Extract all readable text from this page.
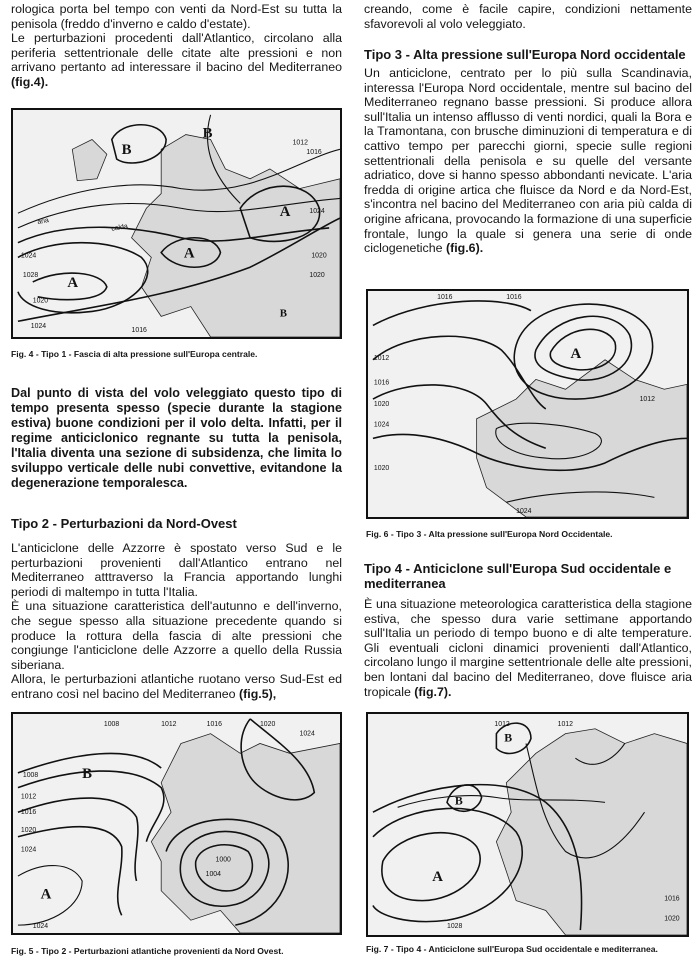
rologica porta bel tempo con venti da Nord-Est su tutta la penisola (freddo d'inverno e caldo d'estate).
Le perturbazioni procedenti dall'Atlantico, circolano alla periferia settentrionale delle citate alte pressioni e non arrivano pertanto ad interessare il bacino del Mediterraneo (fig.4).

B
A
A
A
B
aria
calda
1024
1028
1020
1024
1016
1012
1024
1020
1020
1016
B
Fig. 4 - Tipo 1 - Fascia di alta pressione sull'Europa centrale.

Dal punto di vista del volo veleggiato questo tipo di tempo presenta spesso (specie durante la stagione estiva) buone condizioni per il volo delta. Infatti, per il regime anticiclonico regnante su tutta la penisola, l'Italia diventa una sezione di subsidenza, che limita lo sviluppo verticale delle nubi convettive, evitandone la degenerazione temporalesca.

Tipo 2 - Perturbazioni da Nord-Ovest

L'anticiclone delle Azzorre è spostato verso Sud e le perturbazioni provenienti dall'Atlantico entrano nel Mediterraneo atttraverso la Francia apportando lunghi periodi di maltempo in tutta l'Italia.

È una situazione caratteristica dell'autunno e dell'inverno, che segue spesso alla situazione precedente quando si produce la rottura della fascia di alte pressioni che congiunge l'anticiclone delle Azzorre a quello della Russia siberiana.

Allora, le perturbazioni atlantiche ruotano verso Sud-Est ed entrano così nel bacino del Mediterraneo (fig.5),

B
A
1008
1008
1012
1016
1020
1024
1024
1012	1016	1020
1024
1004
1000
Fig. 5 - Tipo 2 - Perturbazioni atlantiche provenienti da Nord Ovest.

creando, come è facile capire, condizioni nettamente sfavorevoli al volo veleggiato.

Tipo 3 - Alta pressione sull'Europa Nord occidentale

Un anticiclone, centrato per lo più sulla Scandinavia, interessa l'Europa Nord occidentale, mentre sul bacino del Mediterraneo regnano basse pressioni. Si produce allora sull'Italia un intenso afflusso di venti nordici, quali la Bora e la Tramontana, con brusche diminuzioni di temperatura e di cattivo tempo per parecchi giorni, specie sulle regioni settentrionali della penisola e su quelle del versante adriatico, dove si hanno spesso abbondanti nevicate. L'aria fredda di origine artica che fluisce da Nord e da Nord-Est, s'incontra nel bacino del Mediterraneo con aria più calda di origine africana, provocando la formazione di una superficie frontale, lungo la quale si genera una serie di onde ciclogenetiche (fig.6).

A
1016	1016
1012
1016
1020
1024
1020
1012
1024
Fig. 6 - Tipo 3 - Alta pressione sull'Europa Nord Occidentale.
Tipo 4 - Anticiclone sull'Europa Sud occidentale e mediterranea

È una situazione meteorologica caratteristica della stagione estiva, che spesso dura varie settimane apportando sull'Italia un periodo di tempo buono e di alte temperature. Gli eventuali cicloni dinamici provenienti dall'Atlantico, circolano lungo il margine settentrionale delle alte pressioni, ben lontani dal bacino del Mediterraneo, dove fluisce aria tropicale (fig.7).

A
B
B
1028
1012	1012
1016
1020
Fig. 7 - Tipo 4 - Anticiclone sull'Europa Sud occidentale e mediterranea.
